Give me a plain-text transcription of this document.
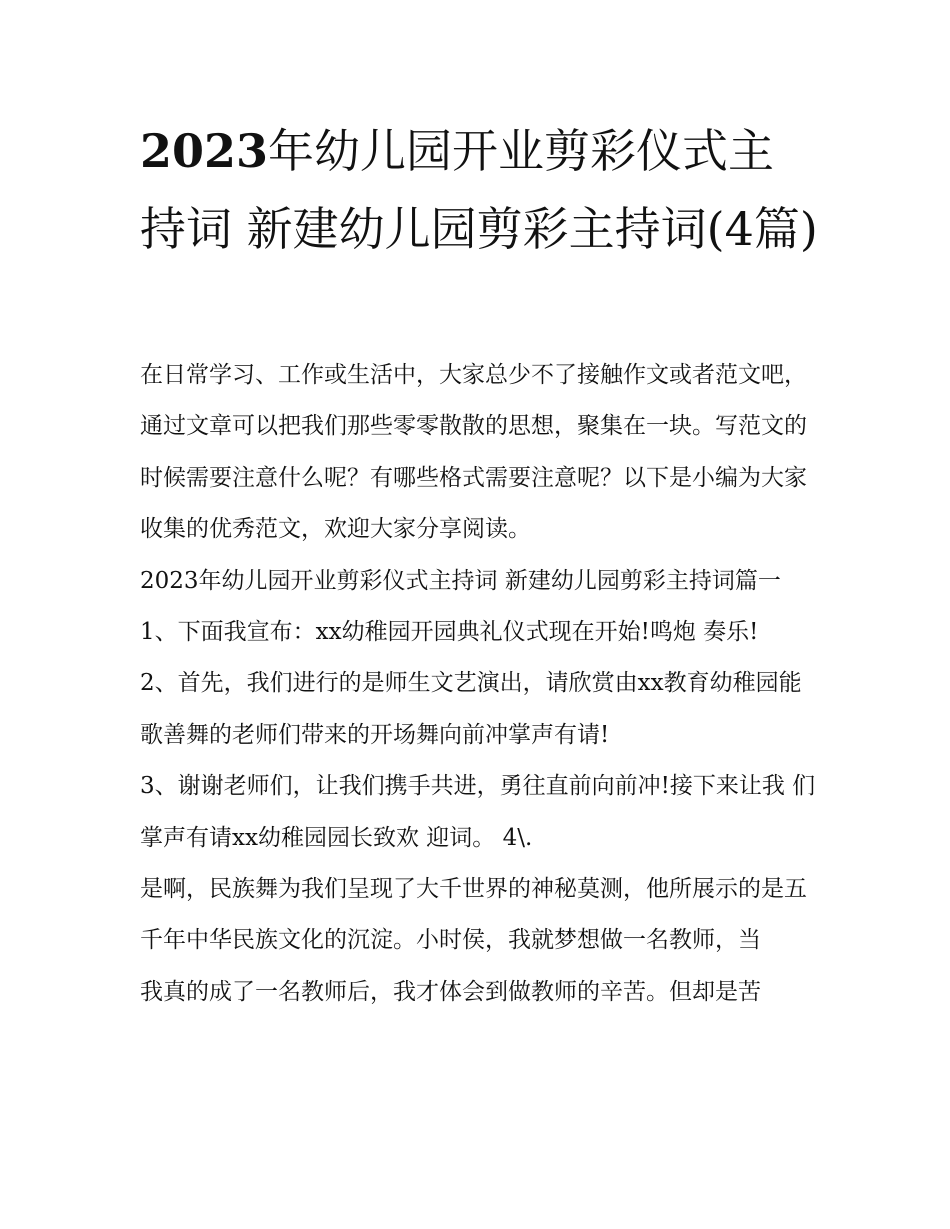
2023年幼儿园开业剪彩仪式主持词 新建幼儿园剪彩主持词(4篇)

在日常学习、工作或生活中，大家总少不了接触作文或者范文吧，通过文章可以把我们那些零零散散的思想，聚集在一块。写范文的时候需要注意什么呢？有哪些格式需要注意呢？以下是小编为大家收集的优秀范文，欢迎大家分享阅读。

2023年幼儿园开业剪彩仪式主持词 新建幼儿园剪彩主持词篇一 1、下面我宣布：xx幼稚园开园典礼仪式现在开始!鸣炮 奏乐!

2、首先，我们进行的是师生文艺演出，请欣赏由xx教育幼稚园能歌善舞的老师们带来的开场舞向前冲掌声有请!

3、谢谢老师们，让我们携手共进，勇往直前向前冲!接下来让我 们掌声有请xx幼稚园园长致欢 迎词。 4\.

是啊，民族舞为我们呈现了大千世界的神秘莫测，他所展示的是五千年中华民族文化的沉淀。小时侯，我就梦想做一名教师，当

我真的成了一名教师后，我才体会到做教师的辛苦。但却是苦
